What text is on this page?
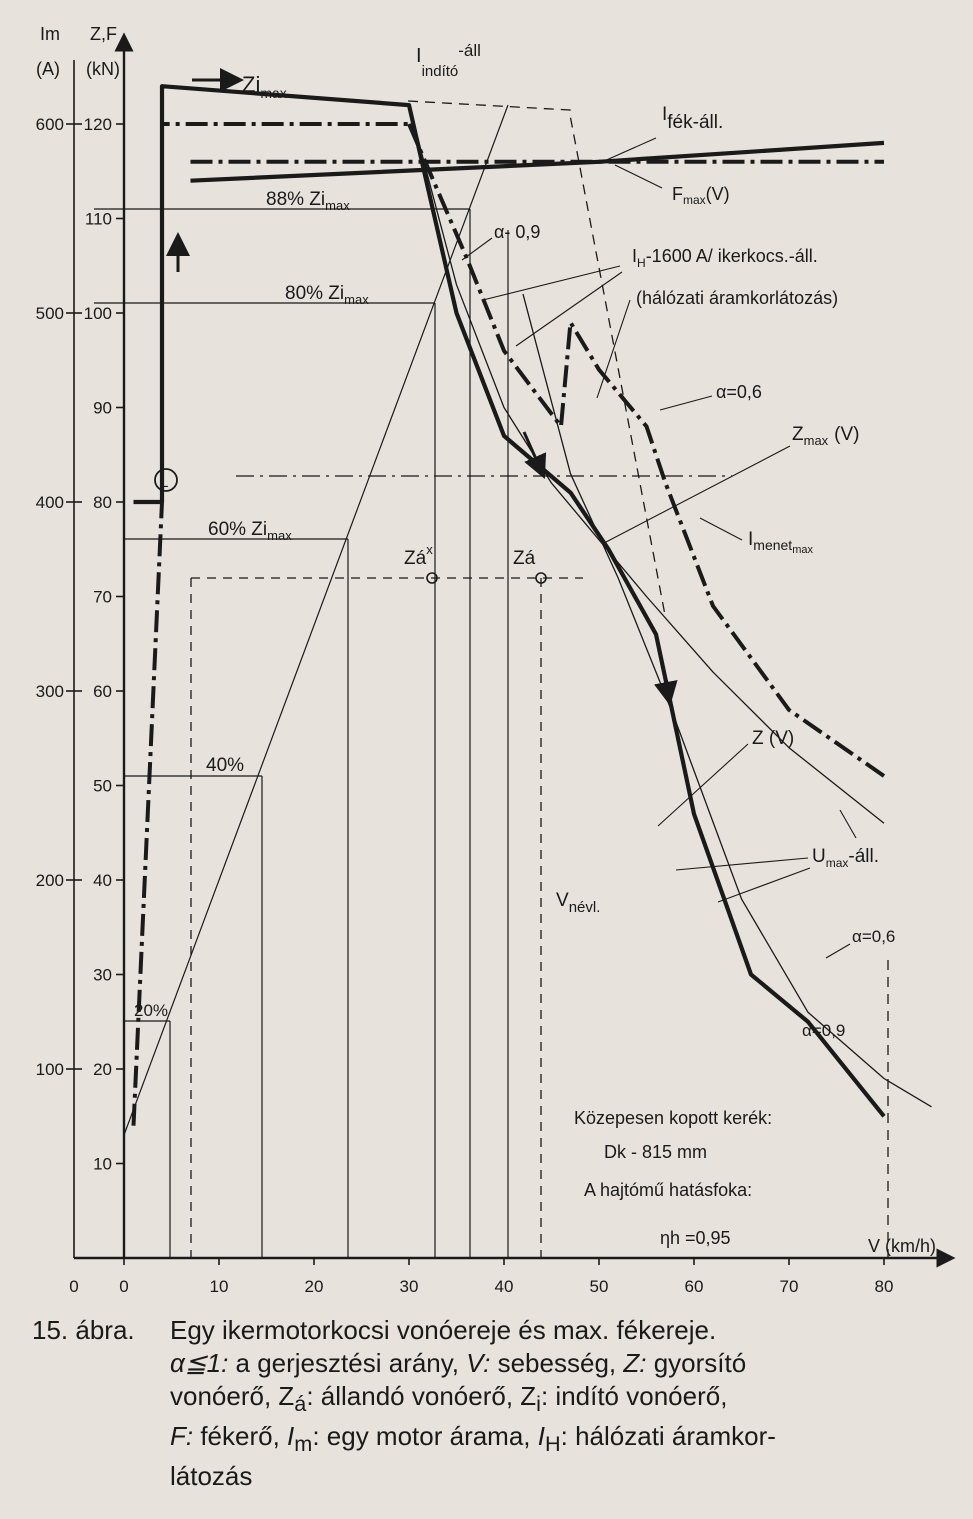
10
20
30
40
50
60
70
80
90
100
110
120
100
200
300
400
500
600
0 0	10	20	30	40	50	60	70	80
Im
(A)
Z,F
(kN)
V (km/h)
L
$Zi_{max}$
$I_{indító}^{-áll}$
Ifék-áll.
$F_{max}(V)$
88% $Zi_{max}$
80% $Zi_{max}$
60% $Zi_{max}$
40%
20%
α- 0,9
$I_H-1600$ A/ ikerkocs.-áll.
(hálózati áramkorlátozás)
α=0,6
$Z_{max}$ (V)
$I_{menet}\max$
Z (V)
$U_{max}$-áll.
$V_{névl.}$
α=0,6
α=0,9
$Zá^x$	Zá
Közepesen kopott kerék:
Dk - 815 mm
A hajtómű hatásfoka:
ηh =0,95
15. ábra. Egy ikermotorkocsi vonóereje és max. fékereje.
α≦1: a gerjesztési arány, V: sebesség, Z: gyorsító
vonóerő, $Z_á$: állandó vonóerő, $Z_i$: indító vonóerő,
F: fékerő, $I_m$: egy motor árama, $I_H$: hálózati áramkor-
látozás
